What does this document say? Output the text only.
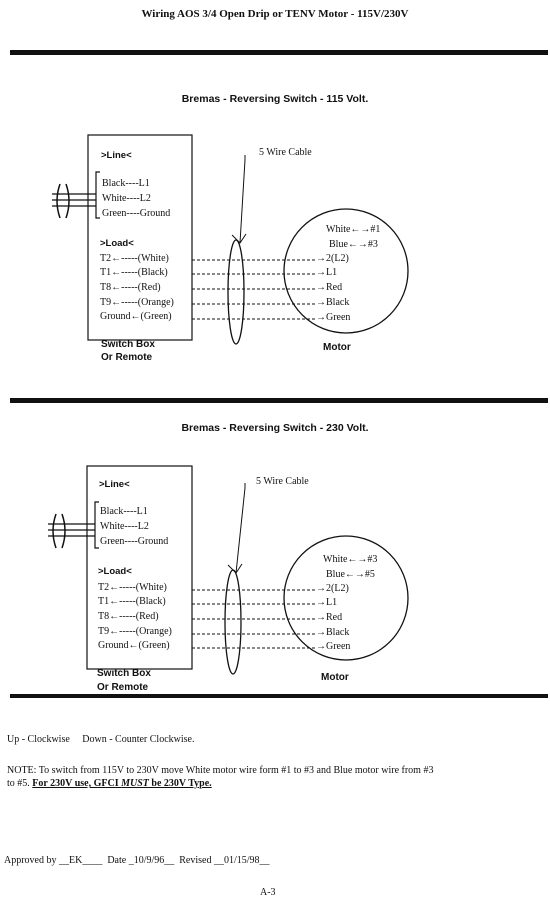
Wiring AOS 3/4 Open Drip or TENV Motor - 115V/230V
Bremas - Reversing Switch - 115 Volt.
>Line<
Black----L1
White----L2
Green----Ground
>Load<
T2←-----(White)
T1←-----(Black)
T8←-----(Red)
T9←-----(Orange)
Ground←(Green)
5 Wire Cable
White←→#1
Blue←→#3
→2(L2)
→L1
→Red
→Black
→Green
Switch Box
Or Remote
Motor
Bremas - Reversing Switch - 230 Volt.
>Line<
Black----L1
White----L2
Green----Ground
>Load<
T2←-----(White)
T1←-----(Black)
T8←-----(Red)
T9←-----(Orange)
Ground←(Green)
5 Wire Cable
White←→#3
Blue←→#5
→2(L2)
→L1
→Red
→Black
→Green
Switch Box
Or Remote
Motor
Up - Clockwise     Down - Counter Clockwise.
NOTE: To switch from 115V to 230V move White motor wire form #1 to #3 and Blue motor wire from #3
to #5. For 230V use, GFCI MUST be 230V Type.
Approved by __EK____  Date _10/9/96__  Revised __01/15/98__
A-3
